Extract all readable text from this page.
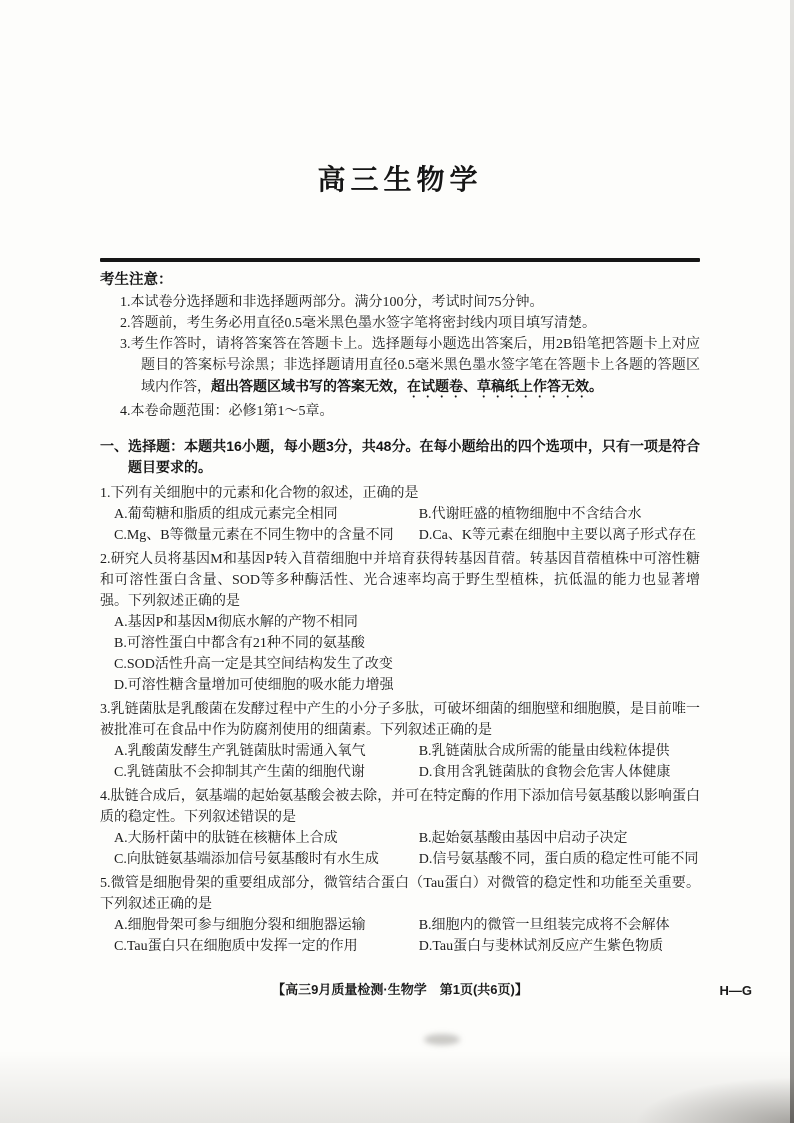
高三生物学

考生注意：

1.本试卷分选择题和非选择题两部分。满分100分，考试时间75分钟。

2.答题前，考生务必用直径0.5毫米黑色墨水签字笔将密封线内项目填写清楚。

3.考生作答时，请将答案答在答题卡上。选择题每小题选出答案后，用2B铅笔把答题卡上对应题目的答案标号涂黑；非选择题请用直径0.5毫米黑色墨水签字笔在答题卡上各题的答题区域内作答，超出答题区域书写的答案无效，在试题卷、草稿纸上作答无效。

4.本卷命题范围：必修1第1～5章。

一、选择题：本题共16小题，每小题3分，共48分。在每小题给出的四个选项中，只有一项是符合题目要求的。

1.下列有关细胞中的元素和化合物的叙述，正确的是

A.葡萄糖和脂质的组成元素完全相同	B.代谢旺盛的植物细胞中不含结合水

C.Mg、B等微量元素在不同生物中的含量不同	D.Ca、K等元素在细胞中主要以离子形式存在

2.研究人员将基因M和基因P转入苜蓿细胞中并培育获得转基因苜蓿。转基因苜蓿植株中可溶性糖和可溶性蛋白含量、SOD等多种酶活性、光合速率均高于野生型植株，抗低温的能力也显著增强。下列叙述正确的是

A.基因P和基因M彻底水解的产物不相同

B.可溶性蛋白中都含有21种不同的氨基酸

C.SOD活性升高一定是其空间结构发生了改变

D.可溶性糖含量增加可使细胞的吸水能力增强

3.乳链菌肽是乳酸菌在发酵过程中产生的小分子多肽，可破坏细菌的细胞壁和细胞膜，是目前唯一被批准可在食品中作为防腐剂使用的细菌素。下列叙述正确的是

A.乳酸菌发酵生产乳链菌肽时需通入氧气	B.乳链菌肽合成所需的能量由线粒体提供

C.乳链菌肽不会抑制其产生菌的细胞代谢	D.食用含乳链菌肽的食物会危害人体健康

4.肽链合成后，氨基端的起始氨基酸会被去除，并可在特定酶的作用下添加信号氨基酸以影响蛋白质的稳定性。下列叙述错误的是

A.大肠杆菌中的肽链在核糖体上合成	B.起始氨基酸由基因中启动子决定

C.向肽链氨基端添加信号氨基酸时有水生成	D.信号氨基酸不同，蛋白质的稳定性可能不同

5.微管是细胞骨架的重要组成部分，微管结合蛋白（Tau蛋白）对微管的稳定性和功能至关重要。下列叙述正确的是

A.细胞骨架可参与细胞分裂和细胞器运输	B.细胞内的微管一旦组装完成将不会解体

C.Tau蛋白只在细胞质中发挥一定的作用	D.Tau蛋白与斐林试剂反应产生紫色物质

【高三9月质量检测·生物学　第1页(共6页)】	H—G
